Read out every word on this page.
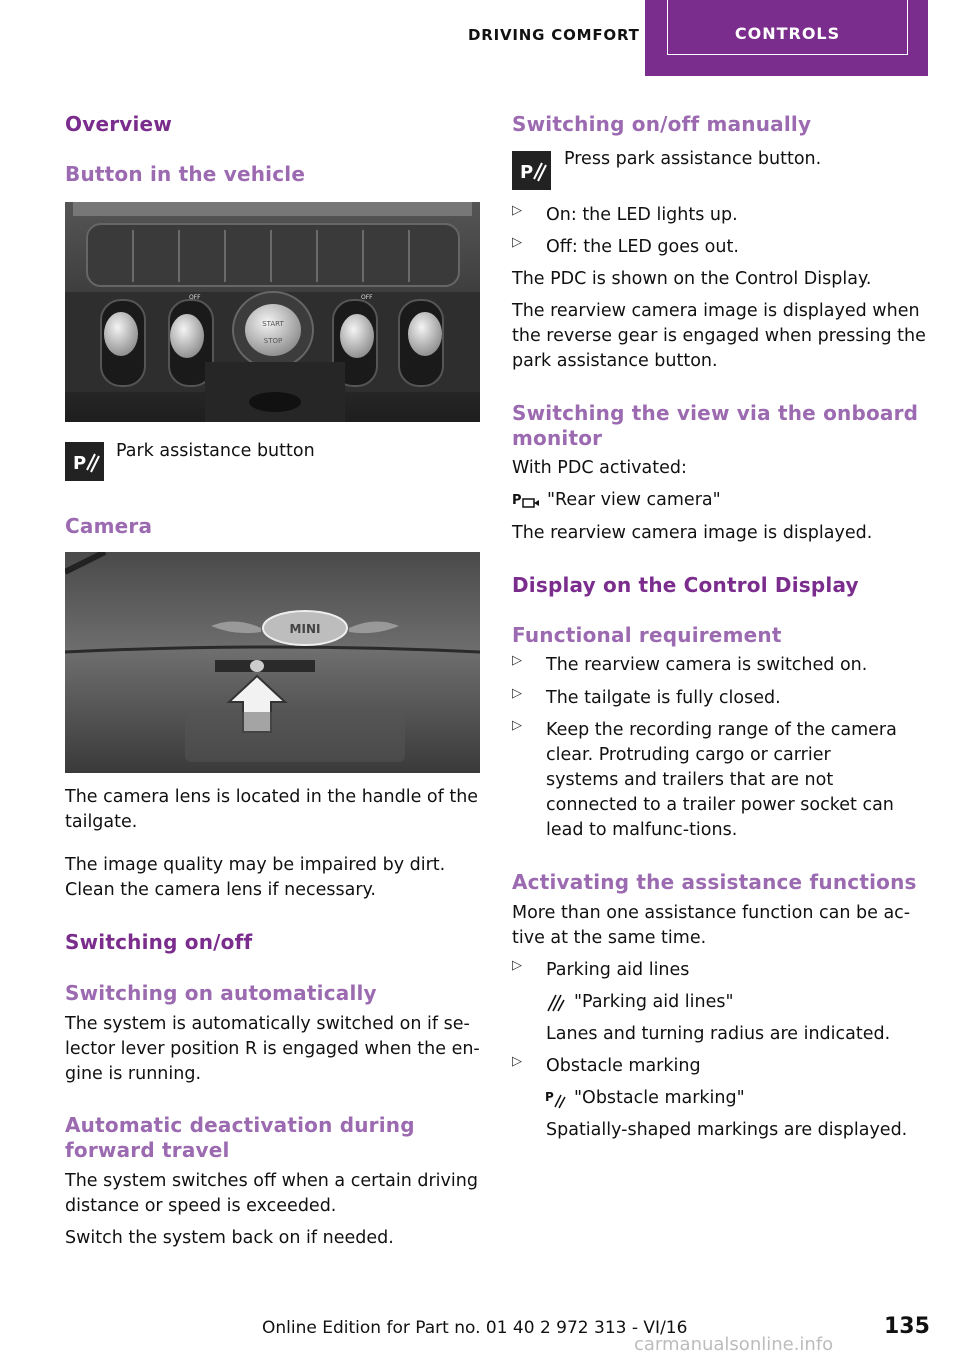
DRIVING COMFORT	CONTROLS
Overview
Button in the vehicle
START
STOP
OFF	OFF
P
Park assistance button
Camera
MINI
The camera lens is located in the handle of the tailgate.
The image quality may be impaired by dirt. Clean the camera lens if necessary.
Switching on/off
Switching on automatically
The system is automatically switched on if se‐lector lever position R is engaged when the en‐gine is running.
Automatic deactivation during forward travel
The system switches off when a certain driving distance or speed is exceeded.
Switch the system back on if needed.
Switching on/off manually
P
Press park assistance button.
▷ On: the LED lights up.
▷ Off: the LED goes out.
The PDC is shown on the Control Display.
The rearview camera image is displayed when the reverse gear is engaged when pressing the park assistance button.
Switching the view via the onboard monitor
With PDC activated:
P "Rear view camera"
The rearview camera image is displayed.
Display on the Control Display
Functional requirement
▷ The rearview camera is switched on.
▷ The tailgate is fully closed.
▷ Keep the recording range of the camera clear. Protruding cargo or carrier systems and trailers that are not connected to a trailer power socket can lead to malfunc‐tions.
Activating the assistance functions
More than one assistance function can be ac‐tive at the same time.
▷ Parking aid lines
"Parking aid lines"
Lanes and turning radius are indicated.
▷ Obstacle marking
P "Obstacle marking"
Spatially-shaped markings are displayed.
135
Online Edition for Part no. 01 40 2 972 313 - VI/16
carmanualsonline.info
